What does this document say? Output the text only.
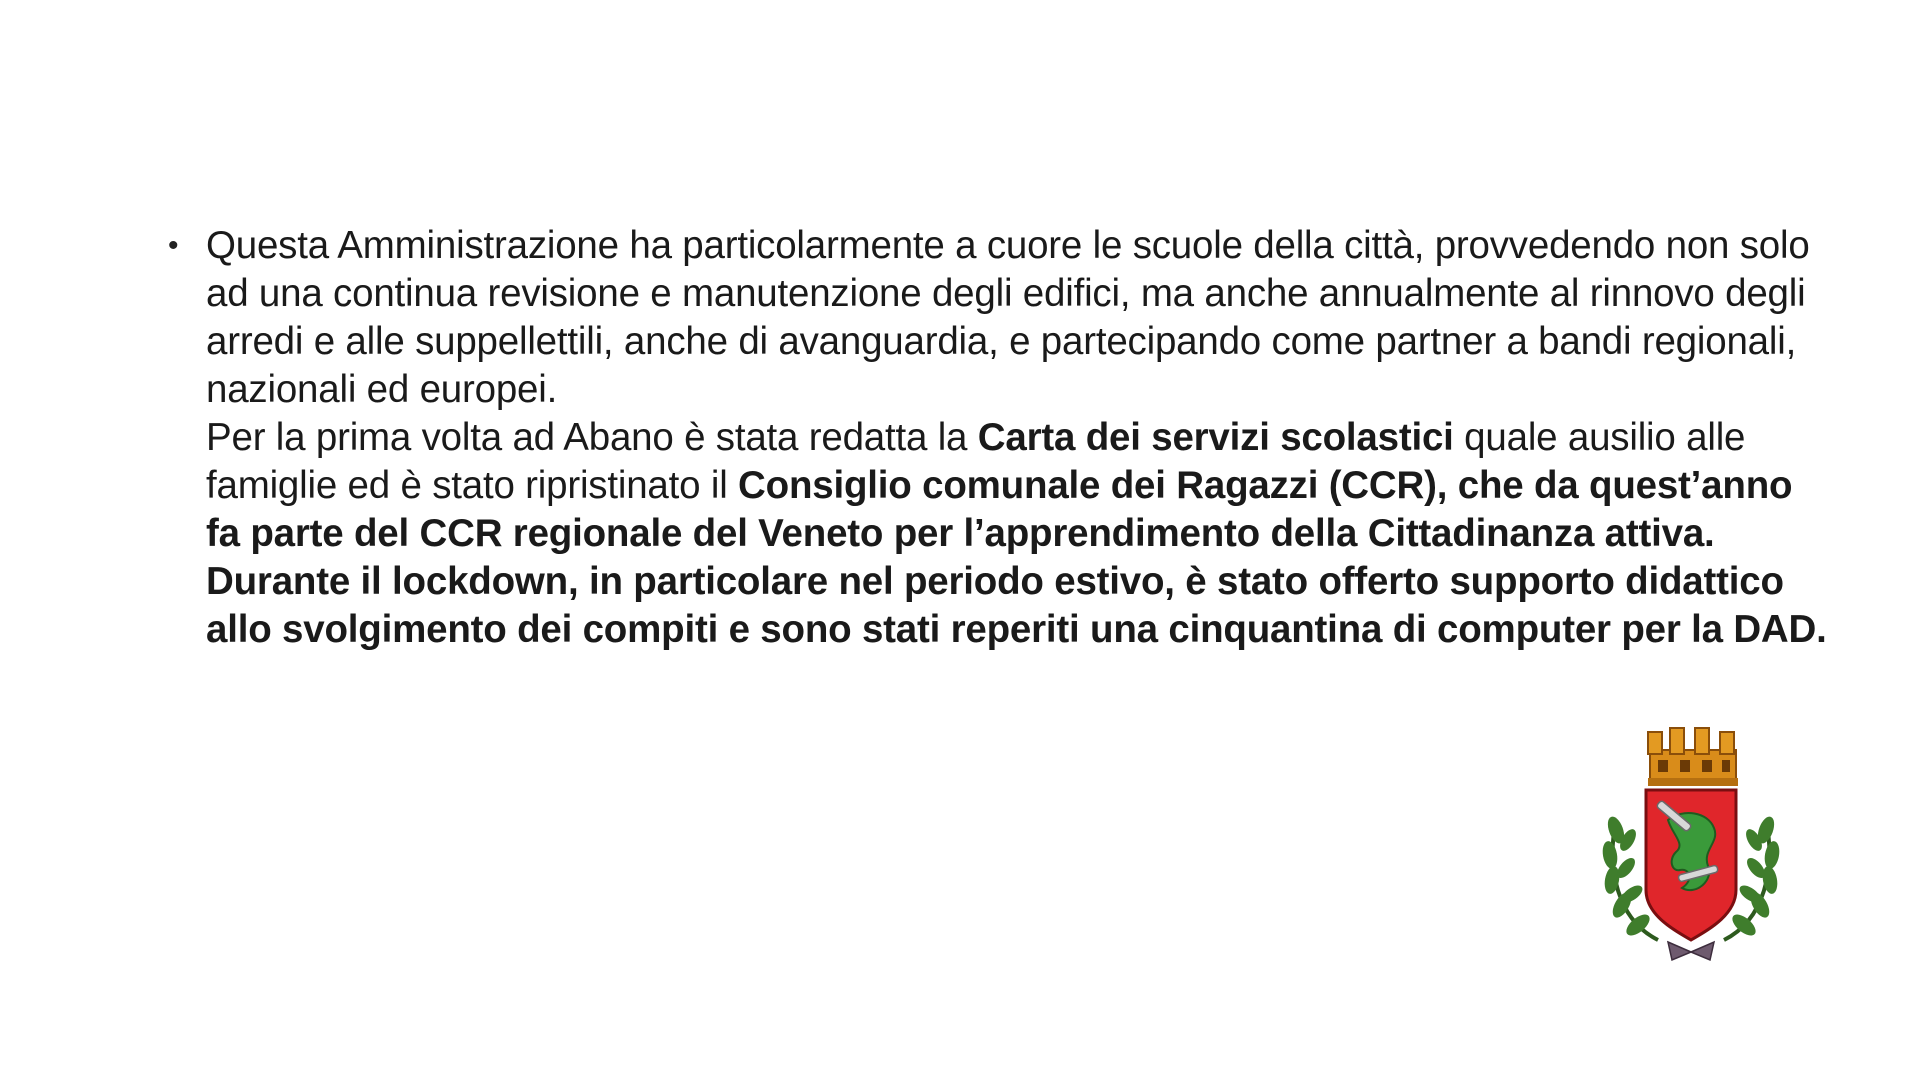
• Questa Amministrazione ha particolarmente a cuore le scuole della città, provvedendo non solo ad una continua revisione e manutenzione degli edifici, ma anche annualmente al rinnovo degli arredi e alle suppellettili, anche di avanguardia, e partecipando come partner a bandi regionali, nazionali ed europei.

Per la prima volta ad Abano è stata redatta la Carta dei servizi scolastici quale ausilio alle famiglie ed è stato ripristinato il Consiglio comunale dei Ragazzi (CCR), che da quest’anno fa parte del CCR regionale del Veneto per l’apprendimento della Cittadinanza attiva.

Durante il lockdown, in particolare nel periodo estivo, è stato offerto supporto didattico allo svolgimento dei compiti e sono stati reperiti una cinquantina di computer per la DAD.
